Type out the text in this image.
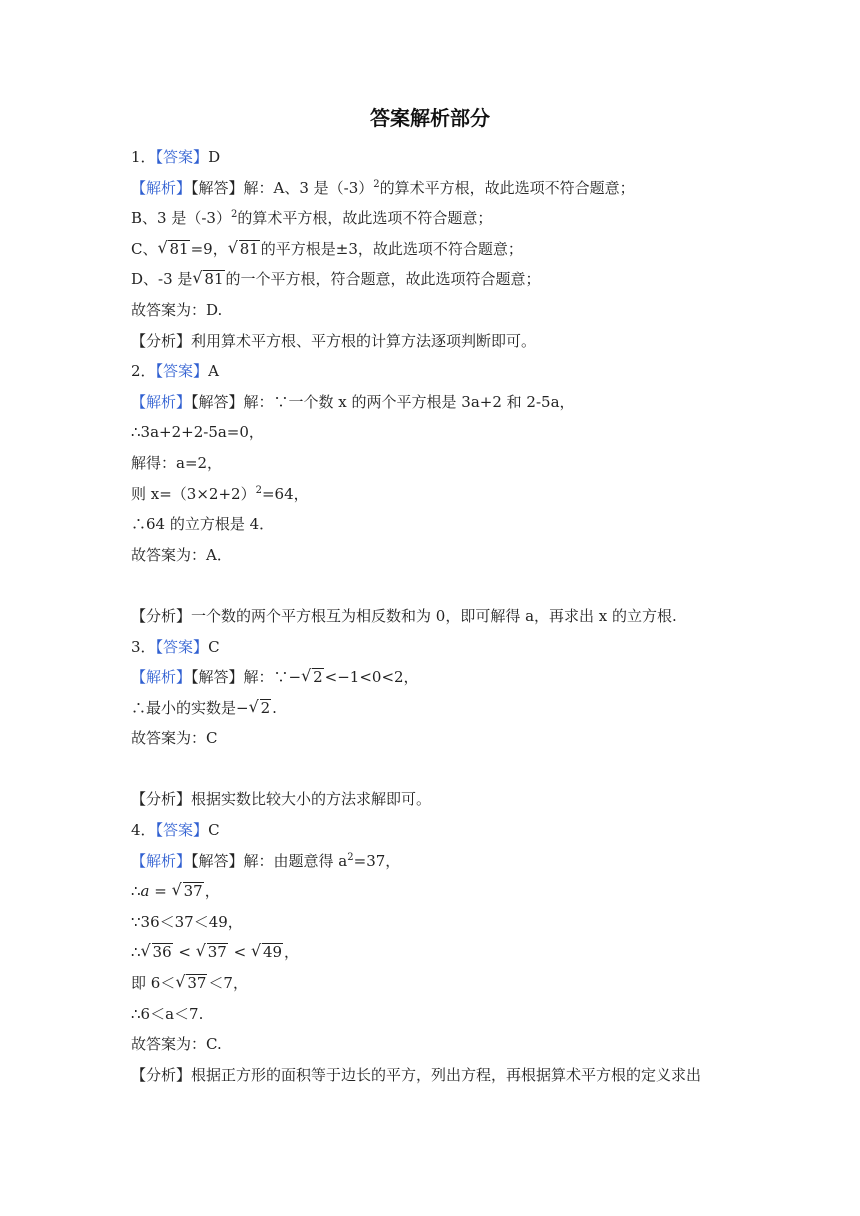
答案解析部分
1．【答案】D
【解析】【解答】解：A、3 是$(-3)^2$的算术平方根，故此选项不符合题意；
B、3 是$(-3)^2$的算术平方根，故此选项不符合题意；
C、 √ 81 =9， √ 81 的平方根是±3，故此选项不符合题意；
D、-3 是 √ 81 的一个平方根，符合题意，故此选项符合题意；
故答案为：D.
【分析】利用算术平方根、平方根的计算方法逐项判断即可。
2．【答案】A
【解析】【解答】解：∵一个数 x 的两个平方根是 3a+2 和 2-5a，
∴3a+2+2-5a=0，
解得：a=2，
则 $x=(3\times 2+2)^2=64$，
∴64 的立方根是 4．
故答案为：A．
【分析】一个数的两个平方根互为相反数和为 0，即可解得 a，再求出 x 的立方根.
3．【答案】C
【解析】【解答】解：∵− √ 2 <−1<0<2，
∴最小的实数是− √ 2 .
故答案为：C
【分析】根据实数比较大小的方法求解即可。
4．【答案】C
【解析】【解答】解：由题意得 $a^2=37$，
∴a = √ 37 ，
∵36＜37＜49，
∴ √ 36 < √ 37 < √ 49 ，
即 6＜ √ 37 ＜7，
∴6＜a＜7.
故答案为：C.
【分析】根据正方形的面积等于边长的平方，列出方程，再根据算术平方根的定义求出
